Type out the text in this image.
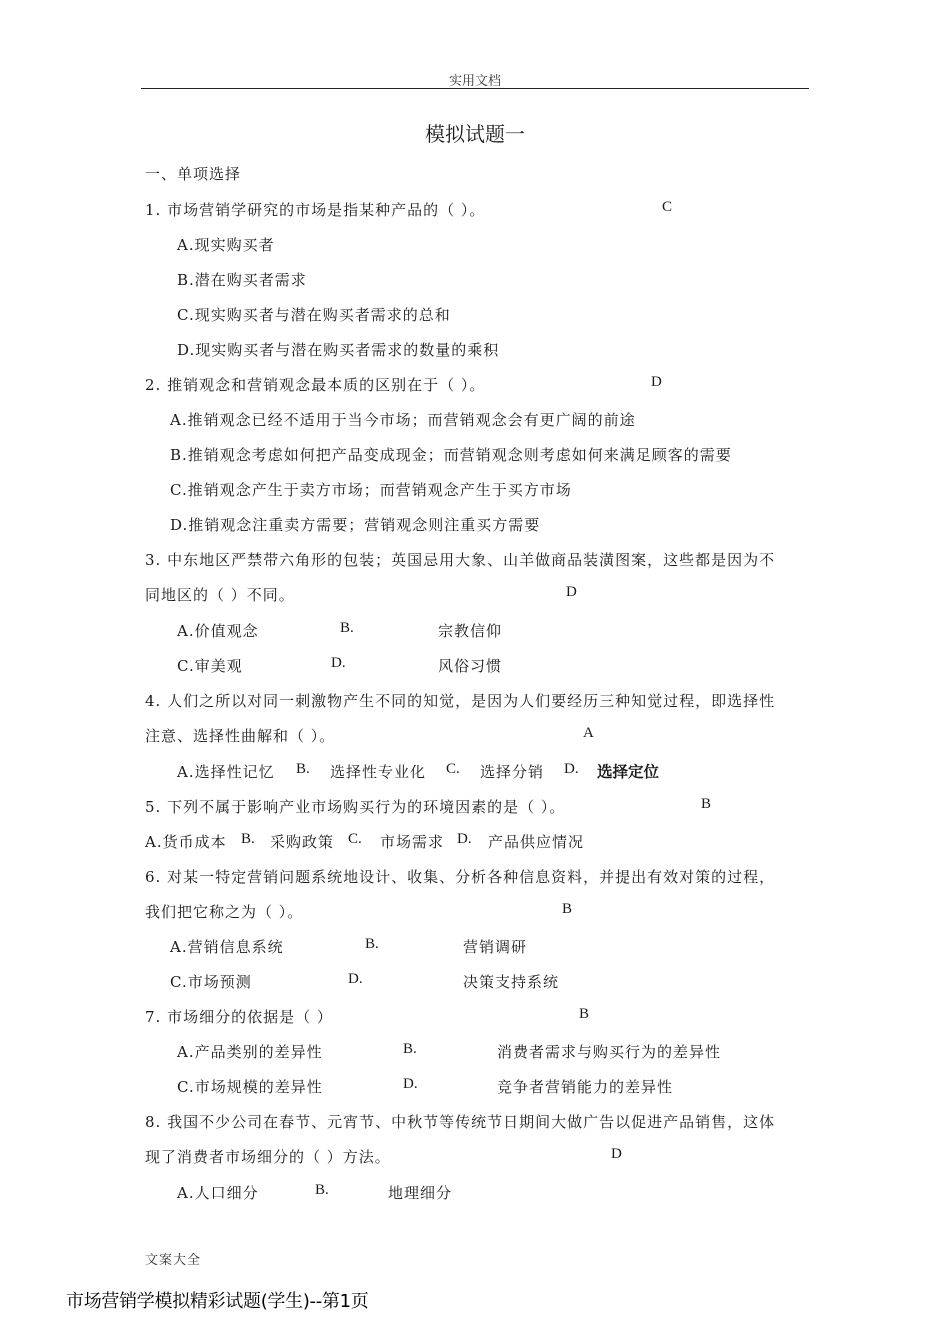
实用文档
模拟试题一
一、单项选择
1. 市场营销学研究的市场是指某种产品的（ ）。	C
A.现实购买者
B.潜在购买者需求
C.现实购买者与潜在购买者需求的总和
D.现实购买者与潜在购买者需求的数量的乘积
2. 推销观念和营销观念最本质的区别在于（ ）。	D
A.推销观念已经不适用于当今市场；而营销观念会有更广阔的前途
B.推销观念考虑如何把产品变成现金；而营销观念则考虑如何来满足顾客的需要
C.推销观念产生于卖方市场；而营销观念产生于买方市场
D.推销观念注重卖方需要；营销观念则注重买方需要
3. 中东地区严禁带六角形的包装；英国忌用大象、山羊做商品装潢图案，这些都是因为不
同地区的（ ）不同。	D
A.价值观念	B.	宗教信仰
C.审美观	D.	风俗习惯
4. 人们之所以对同一刺激物产生不同的知觉，是因为人们要经历三种知觉过程，即选择性
注意、选择性曲解和（ ）。	A
A.选择性记忆 B. 选择性专业化 C. 选择分销 D. 选择定位
5. 下列不属于影响产业市场购买行为的环境因素的是（ ）。	B
A.货币成本 B. 采购政策 C. 市场需求 D. 产品供应情况
6. 对某一特定营销问题系统地设计、收集、分析各种信息资料，并提出有效对策的过程，
我们把它称之为（ ）。	B
A.营销信息系统	B.	营销调研
C.市场预测	D.	决策支持系统
7. 市场细分的依据是（ ）	B
A.产品类别的差异性	B.	消费者需求与购买行为的差异性
C.市场规模的差异性	D.	竞争者营销能力的差异性
8. 我国不少公司在春节、元宵节、中秋节等传统节日期间大做广告以促进产品销售，这体
现了消费者市场细分的（ ）方法。	D
A.人口细分	B.	地理细分
文案大全
市场营销学模拟精彩试题(学生)--第1页
